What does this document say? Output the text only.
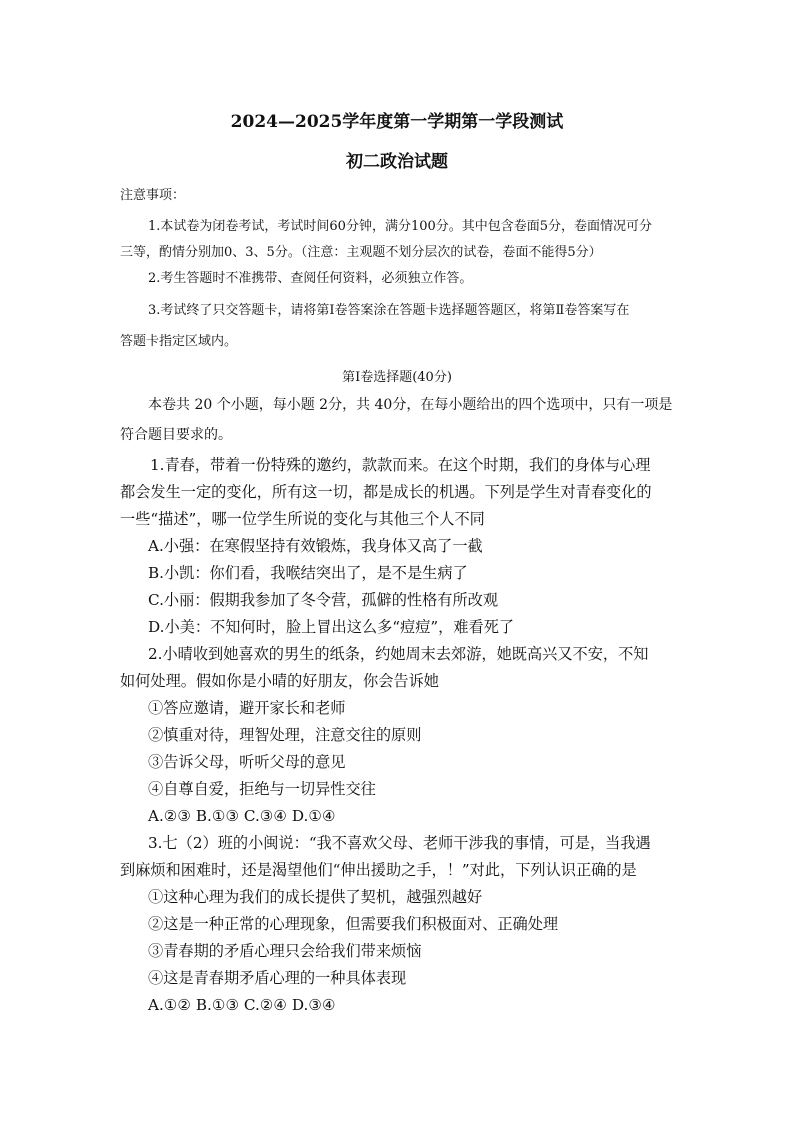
2024—2025学年度第一学期第一学段测试
初二政治试题
注意事项：
1.本试卷为闭卷考试，考试时间60分钟，满分100分。其中包含卷面5分，卷面情况可分
三等，酌情分别加0、3、5分。（注意：主观题不划分层次的试卷，卷面不能得5分）
2.考生答题时不准携带、查阅任何资料，必须独立作答。
3.考试终了只交答题卡，请将第Ⅰ卷答案涂在答题卡选择题答题区，将第Ⅱ卷答案写在
答题卡指定区域内。
第Ⅰ卷选择题(40分)
本卷共 20 个小题，每小题 2分，共 40分，在每小题给出的四个选项中，只有一项是
符合题目要求的。
1.青春，带着一份特殊的邀约，款款而来。在这个时期，我们的身体与心理
都会发生一定的变化，所有这一切，都是成长的机遇。下列是学生对青春变化的
一些“描述”，哪一位学生所说的变化与其他三个人不同
A.小强：在寒假坚持有效锻炼，我身体又高了一截
B.小凯：你们看，我喉结突出了，是不是生病了
C.小丽：假期我参加了冬令营，孤僻的性格有所改观
D.小美：不知何时，脸上冒出这么多“痘痘”，难看死了
2.小晴收到她喜欢的男生的纸条，约她周末去郊游，她既高兴又不安，不知
如何处理。假如你是小晴的好朋友，你会告诉她
①答应邀请，避开家长和老师
②慎重对待，理智处理，注意交往的原则
③告诉父母，听听父母的意见
④自尊自爱，拒绝与一切异性交往
A.②③ B.①③ C.③④ D.①④
3.七（2）班的小闽说：“我不喜欢父母、老师干涉我的事情，可是，当我遇
到麻烦和困难时，还是渴望他们“伸出援助之手，！”对此，下列认识正确的是
①这种心理为我们的成长提供了契机，越强烈越好
②这是一种正常的心理现象，但需要我们积极面对、正确处理
③青春期的矛盾心理只会给我们带来烦恼
④这是青春期矛盾心理的一种具体表现
A.①② B.①③ C.②④ D.③④
